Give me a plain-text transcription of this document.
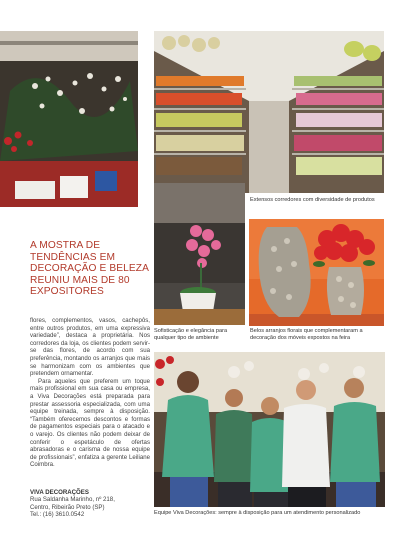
Extensos corredores com diversidade de produtos
Sofisticação e elegância para qualquer tipo de ambiente
Belos arranjos florais que complementaram a decoração dos móveis expostos na feira
Equipe Viva Decorações: sempre à disposição para um atendimento personalizado
A MOSTRA DE TENDÊNCIAS EM DECORAÇÃO E BELEZA REUNIU MAIS DE 80 EXPOSITORES

flores, complementos, vasos, cachepôs, entre outros produtos, em uma expressiva variedade”, destaca a proprietária. Nos corredores da loja, os clientes podem servir-se das flores, de acordo com sua preferência, montando os arranjos que mais se harmonizam com os ambientes que pretendem ornamentar.

Para aqueles que preferem um toque mais profissional em sua casa ou empresa, a Viva Decorações está preparada para prestar assessoria especializada, com uma equipe treinada, sempre à disposição. “Também oferecemos descontos e formas de pagamentos especiais para o atacado e o varejo. Os clientes não podem deixar de conferir o espetáculo de ofertas abrasadoras e o carisma de nossa equipe de profissionais”, enfatiza a gerente Leiliane Coimbra.

VIVA DECORAÇÕES
Rua Saldanha Marinho, nº 218,
Centro, Ribeirão Preto (SP)
Tel.: (16) 3610.0542
